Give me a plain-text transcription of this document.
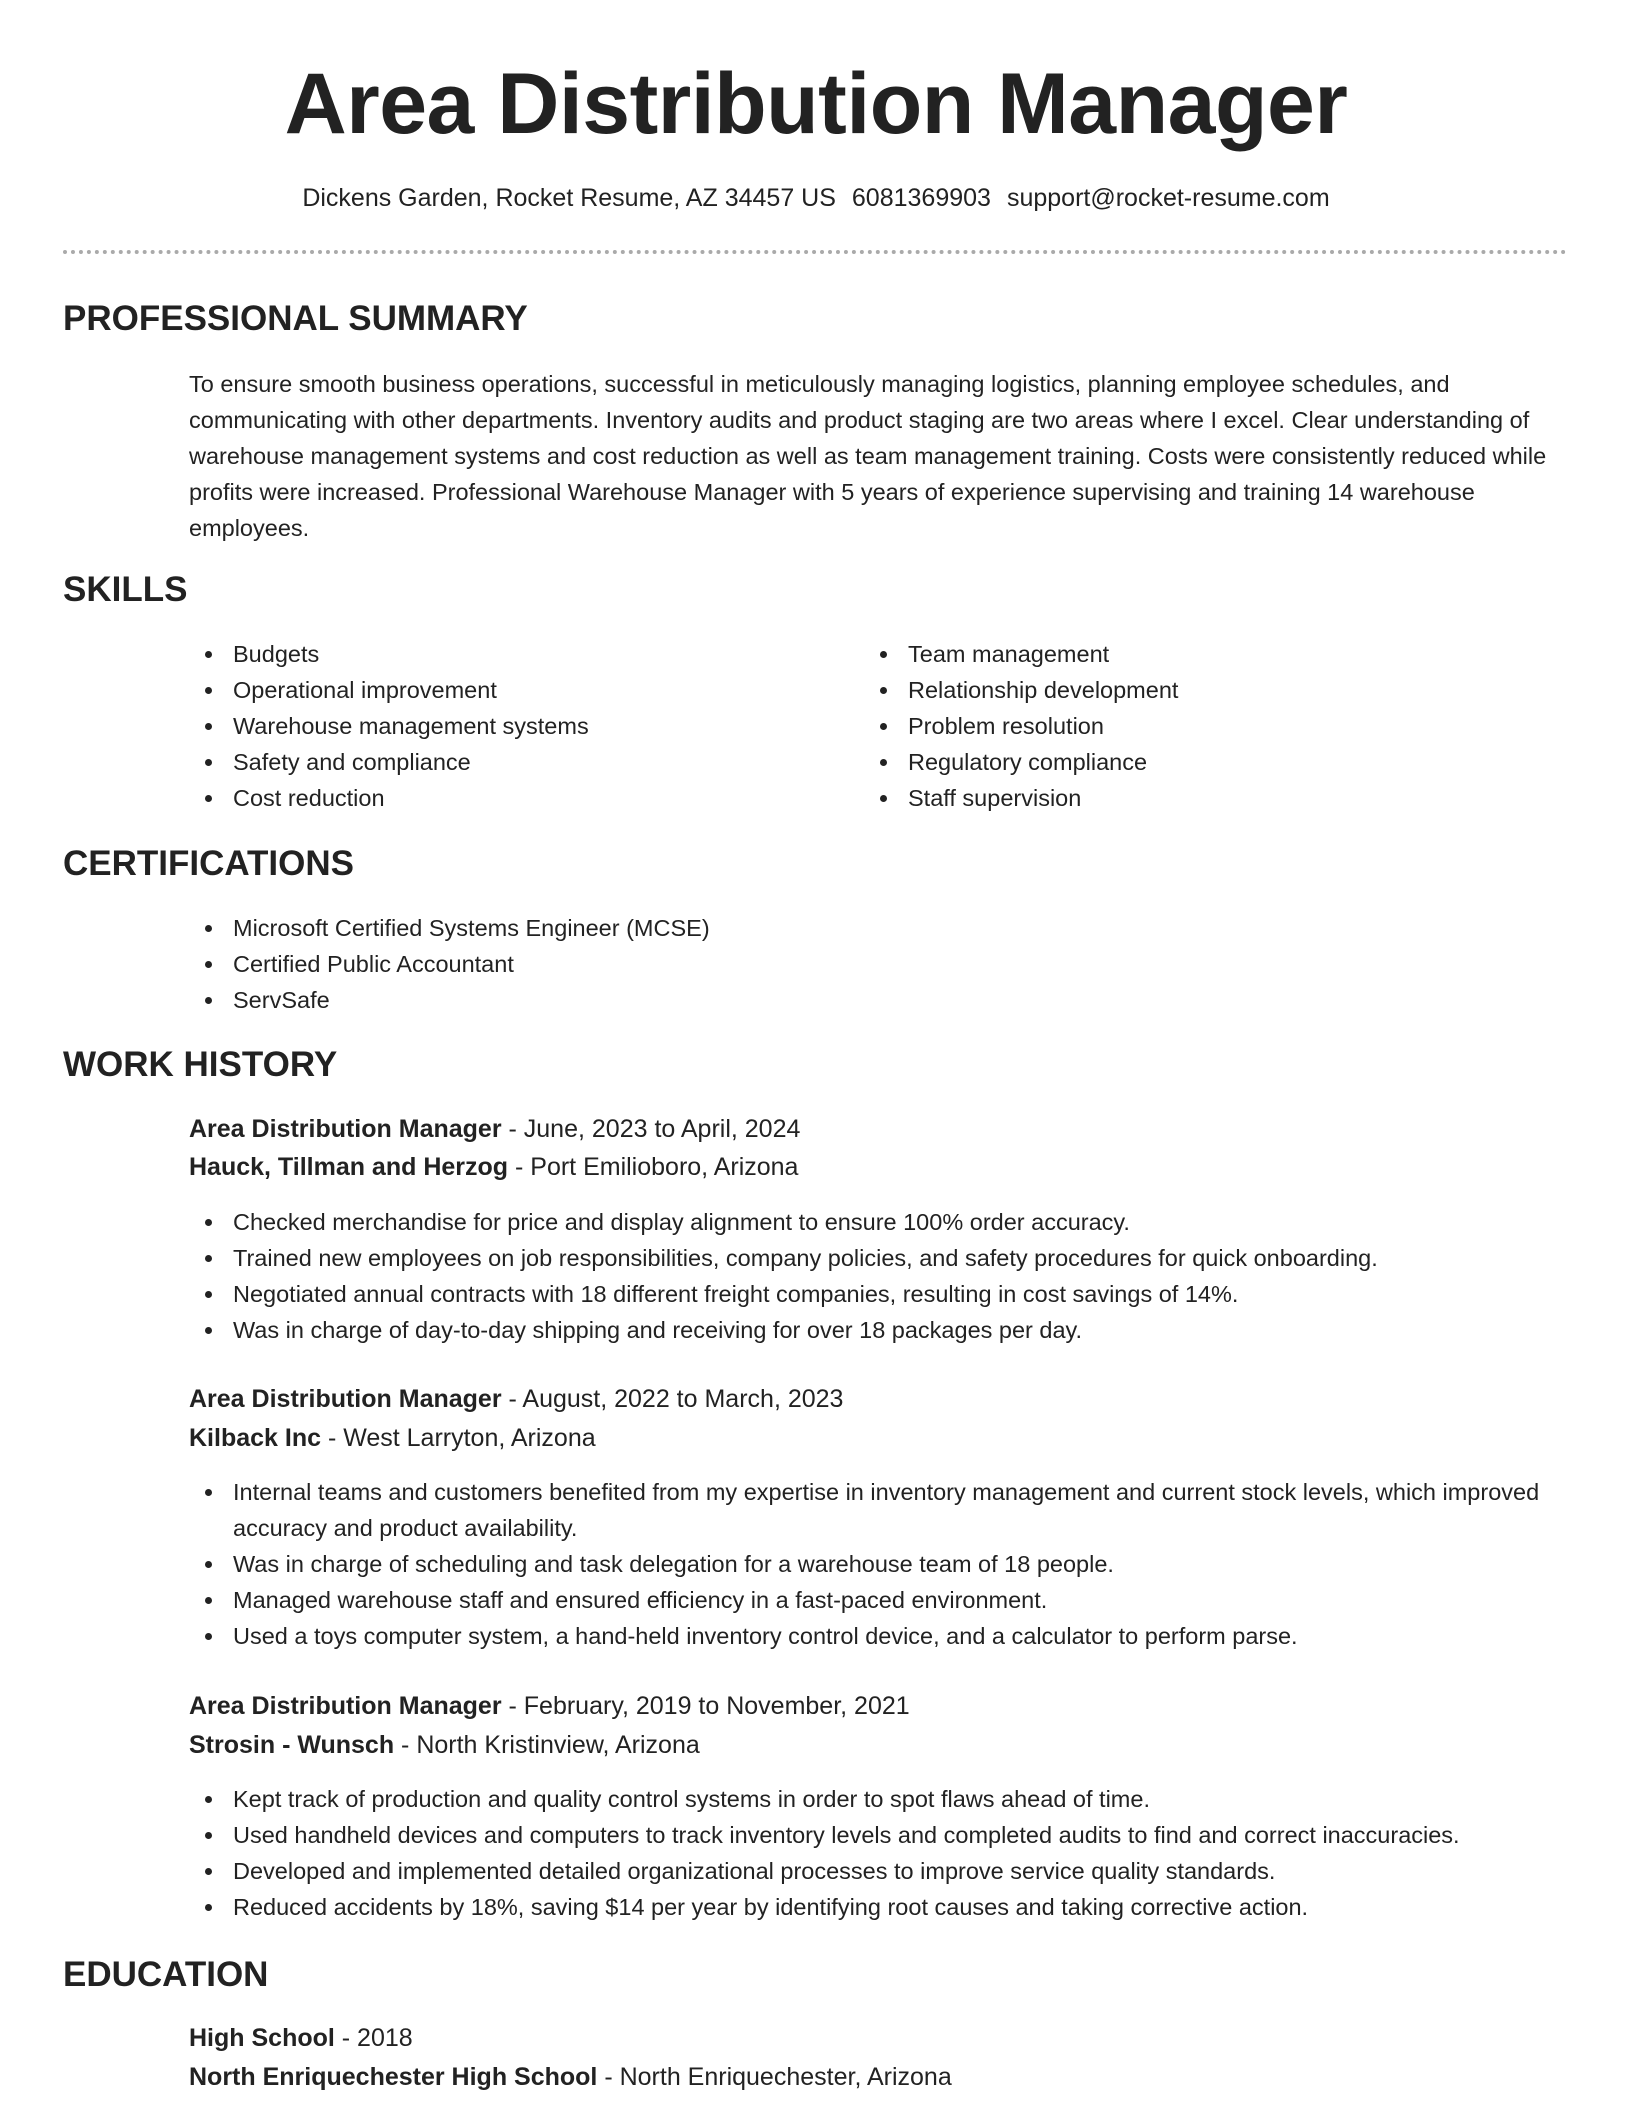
Area Distribution Manager
Dickens Garden, Rocket Resume, AZ 34457 US 6081369903 support@rocket-resume.com
PROFESSIONAL SUMMARY

To ensure smooth business operations, successful in meticulously managing logistics, planning employee schedules, and communicating with other departments. Inventory audits and product staging are two areas where I excel. Clear understanding of warehouse management systems and cost reduction as well as team management training. Costs were consistently reduced while profits were increased. Professional Warehouse Manager with 5 years of experience supervising and training 14 warehouse employees.

SKILLS
Budgets
Operational improvement
Warehouse management systems
Safety and compliance
Cost reduction
Team management
Relationship development
Problem resolution
Regulatory compliance
Staff supervision
CERTIFICATIONS
Microsoft Certified Systems Engineer (MCSE)
Certified Public Accountant
ServSafe
WORK HISTORY
Area Distribution Manager - June, 2023 to April, 2024
Hauck, Tillman and Herzog - Port Emilioboro, Arizona
Checked merchandise for price and display alignment to ensure 100% order accuracy.
Trained new employees on job responsibilities, company policies, and safety procedures for quick onboarding.
Negotiated annual contracts with 18 different freight companies, resulting in cost savings of 14%.
Was in charge of day-to-day shipping and receiving for over 18 packages per day.
Area Distribution Manager - August, 2022 to March, 2023
Kilback Inc - West Larryton, Arizona
Internal teams and customers benefited from my expertise in inventory management and current stock levels, which improved accuracy and product availability.
Was in charge of scheduling and task delegation for a warehouse team of 18 people.
Managed warehouse staff and ensured efficiency in a fast-paced environment.
Used a toys computer system, a hand-held inventory control device, and a calculator to perform parse.
Area Distribution Manager - February, 2019 to November, 2021
Strosin - Wunsch - North Kristinview, Arizona
Kept track of production and quality control systems in order to spot flaws ahead of time.
Used handheld devices and computers to track inventory levels and completed audits to find and correct inaccuracies.
Developed and implemented detailed organizational processes to improve service quality standards.
Reduced accidents by 18%, saving $14 per year by identifying root causes and taking corrective action.
EDUCATION
High School - 2018
North Enriquechester High School - North Enriquechester, Arizona
